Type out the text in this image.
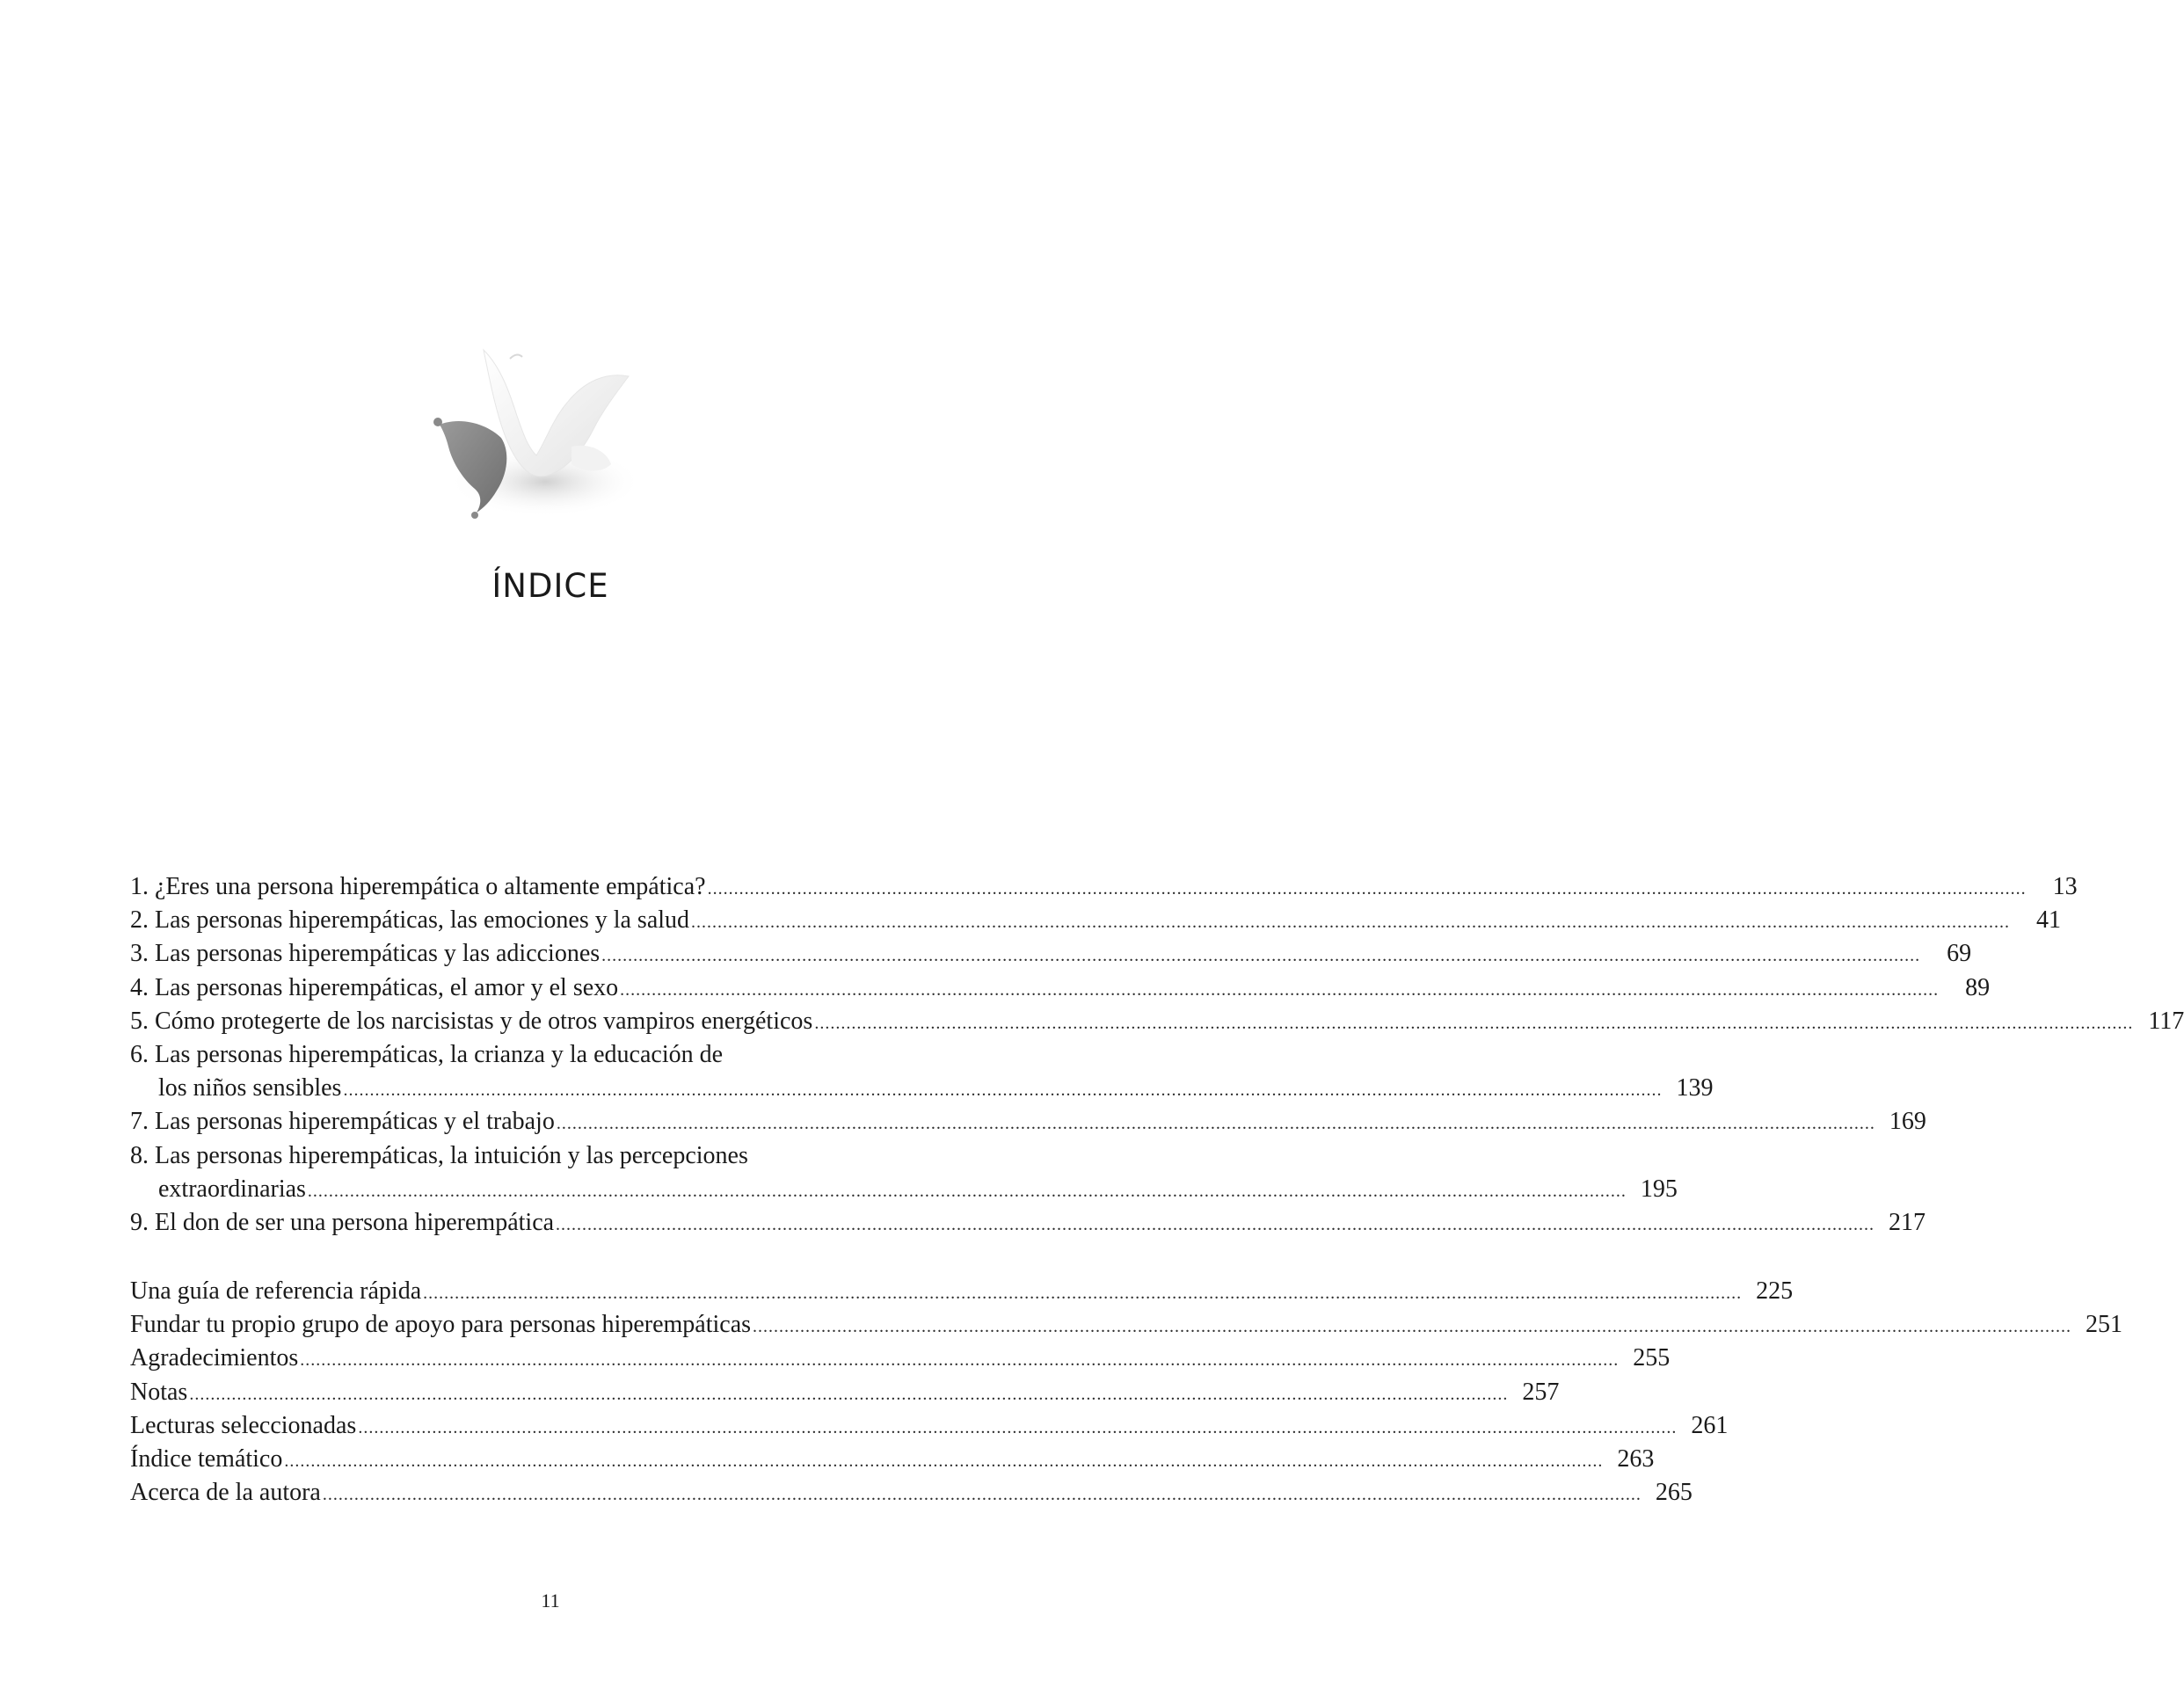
ÍNDICE
1. ¿Eres una persona hiperempática o altamente empática? ..........................................................................................................................................................................................................................................................	13
2. Las personas hiperempáticas, las emociones y la salud ..........................................................................................................................................................................................................................................................	41
3. Las personas hiperempáticas y las adicciones ..........................................................................................................................................................................................................................................................	69
4. Las personas hiperempáticas, el amor y el sexo ..........................................................................................................................................................................................................................................................	89
5. Cómo protegerte de los narcisistas y de otros vampiros energéticos .......................................................................................................................................................................................................................................................... 117
6. Las personas hiperempáticas, la crianza y la educación de
los niños sensibles .......................................................................................................................................................................................................................................................... 139
7. Las personas hiperempáticas y el trabajo .......................................................................................................................................................................................................................................................... 169
8. Las personas hiperempáticas, la intuición y las percepciones
extraordinarias .......................................................................................................................................................................................................................................................... 195
9. El don de ser una persona hiperempática .......................................................................................................................................................................................................................................................... 217
Una guía de referencia rápida .......................................................................................................................................................................................................................................................... 225
Fundar tu propio grupo de apoyo para personas hiperempáticas .......................................................................................................................................................................................................................................................... 251
Agradecimientos .......................................................................................................................................................................................................................................................... 255
Notas .......................................................................................................................................................................................................................................................... 257
Lecturas seleccionadas .......................................................................................................................................................................................................................................................... 261
Índice temático .......................................................................................................................................................................................................................................................... 263
Acerca de la autora .......................................................................................................................................................................................................................................................... 265
11
